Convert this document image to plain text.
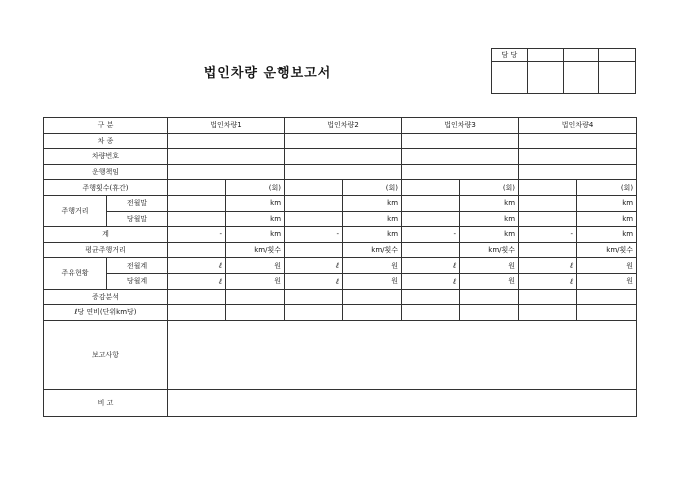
법인차량 운행보고서
담 당			

구 분		법인차량1		법인차량2		법인차량3		법인차량4	
차 종									
차량번호									
운행책임									
주행횟수(휴간)			(회)		(회)		(회)		(회)
주행거리	전월말		km		km		km		km
	당월말		km		km		km		km
계		-	km	-	km	-	km	-	km
평균주행거리			km/횟수		km/횟수		km/횟수		km/횟수
주유현황	전월계	ℓ	원	ℓ	원	ℓ	원	ℓ	원
	당월계	ℓ	원	ℓ	원	ℓ	원	ℓ	원
증감분석									
ℓ당 연비(단위km당)									
보고사항									
비 고									
